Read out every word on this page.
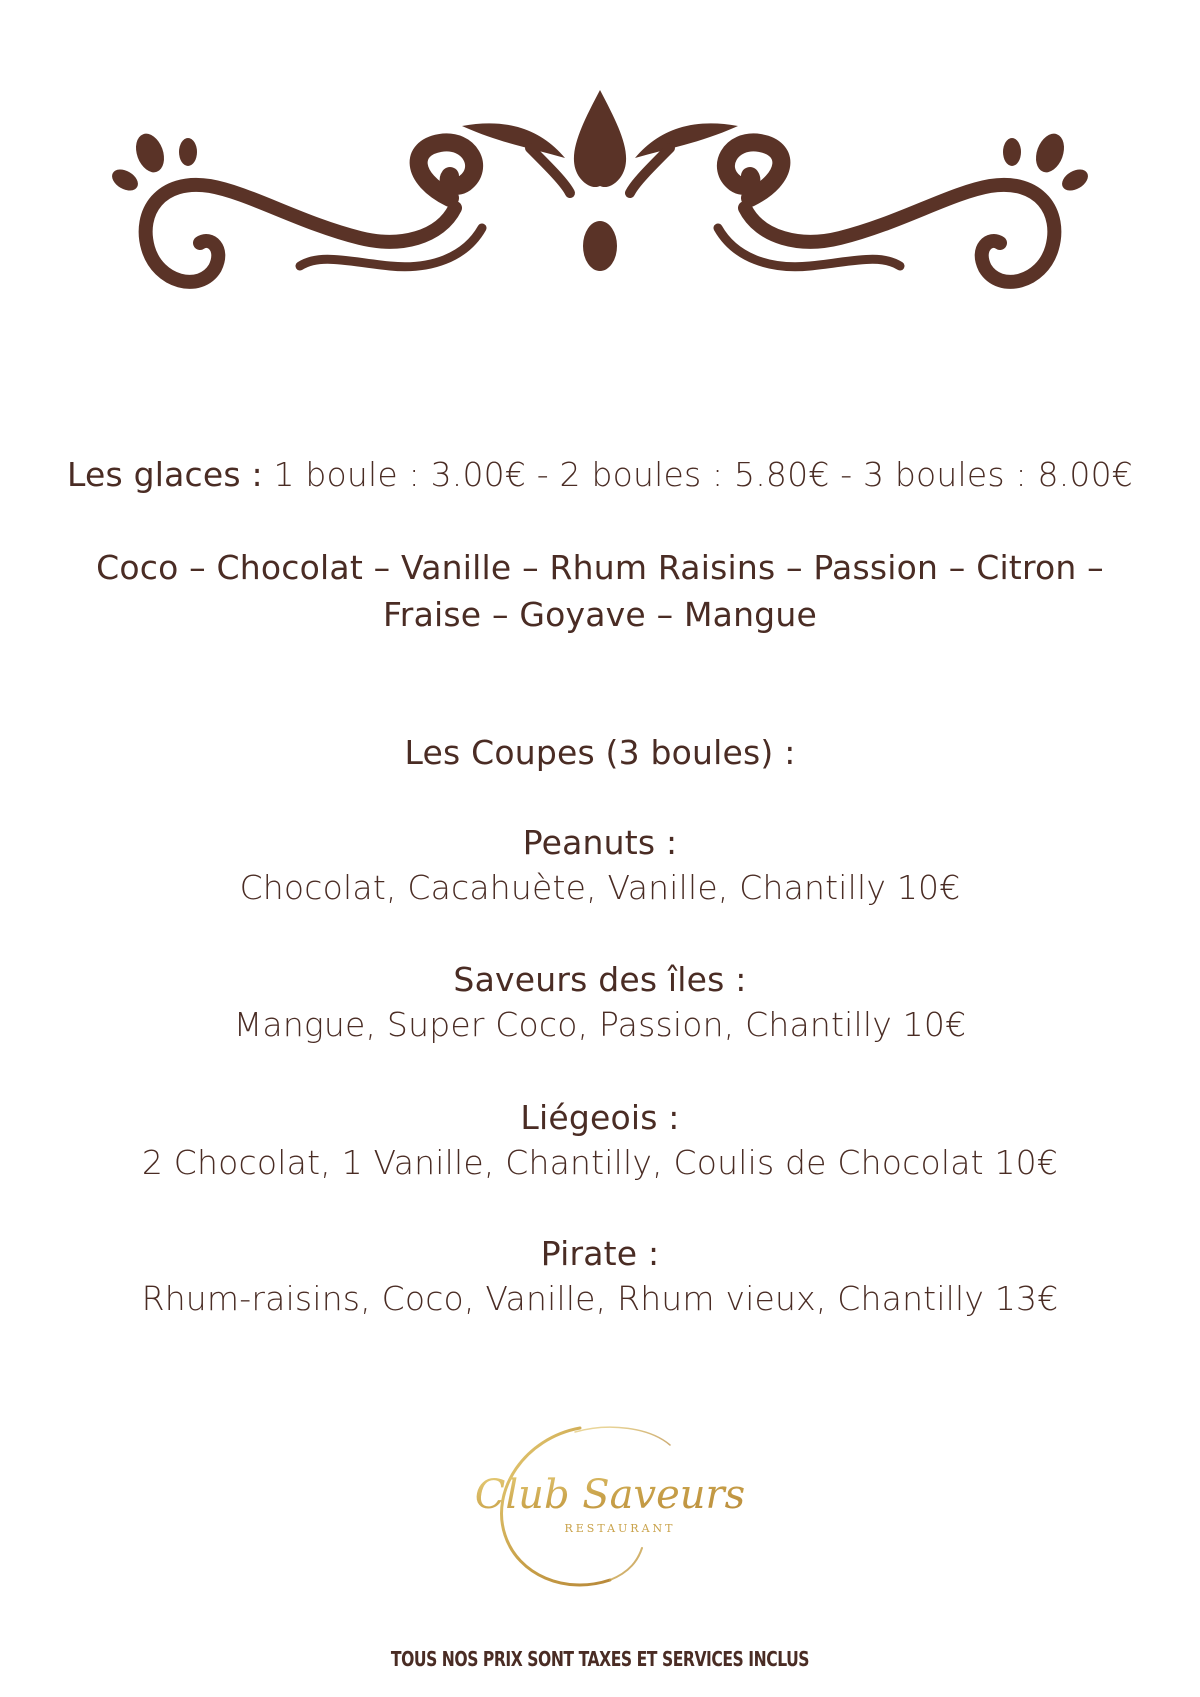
Les glaces : 1 boule : 3.00€ - 2 boules : 5.80€ - 3 boules : 8.00€
Coco – Chocolat – Vanille – Rhum Raisins – Passion – Citron –
Fraise – Goyave – Mangue
Les Coupes (3 boules) :
Peanuts :
Chocolat, Cacahuète, Vanille, Chantilly 10€
Saveurs des îles :
Mangue, Super Coco, Passion, Chantilly 10€
Liégeois :
2 Chocolat, 1 Vanille, Chantilly, Coulis de Chocolat 10€
Pirate :
Rhum-raisins, Coco, Vanille, Rhum vieux, Chantilly 13€
Club Saveurs
RESTAURANT
TOUS NOS PRIX SONT TAXES ET SERVICES INCLUS
